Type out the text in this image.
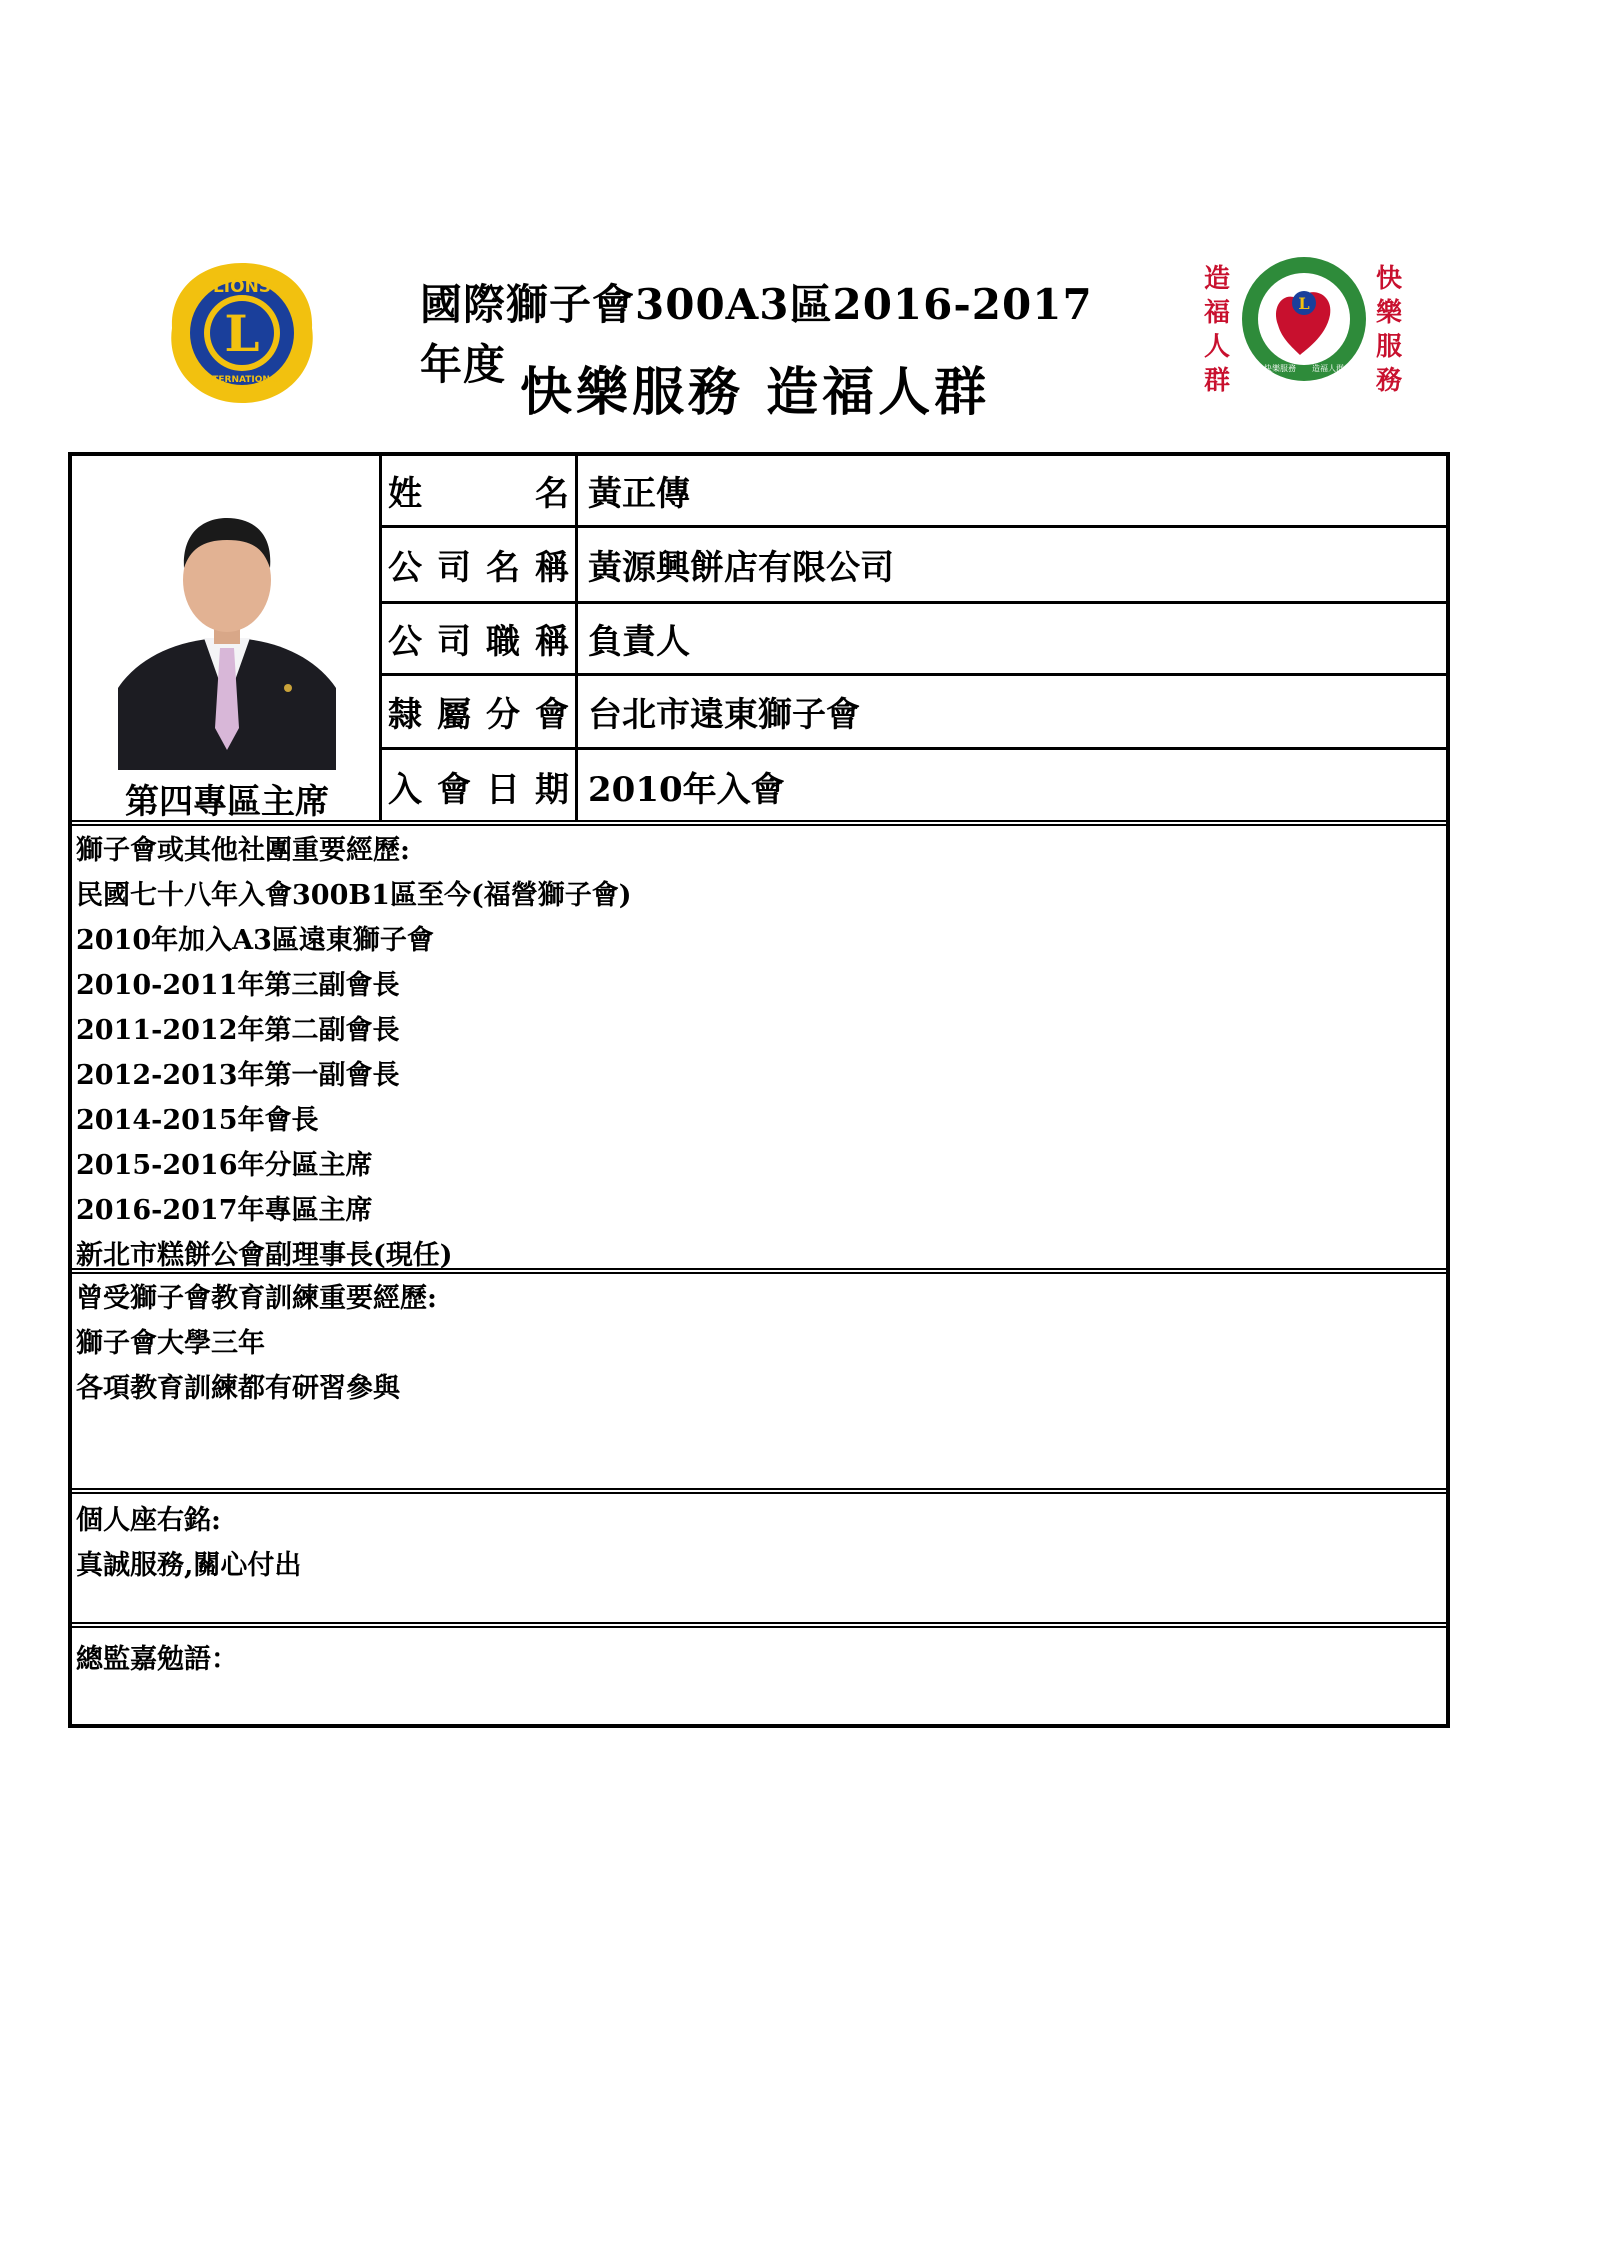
L
LIONS
INTERNATIONAL
國際獅子會300A3區2016-2017年度 快樂服務 造福人群
造
福
人
群
L
快樂服務 造福人群
快
樂
服
務
第四專區主席
姓	名 黃正傳
公 司 名 稱 黃源興餅店有限公司
公 司 職 稱 負責人
隸 屬 分 會 台北市遠東獅子會
入 會 日 期 2010年入會
獅子會或其他社團重要經歷:
民國七十八年入會300B1區至今(福營獅子會)
2010年加入A3區遠東獅子會
2010-2011年第三副會長
2011-2012年第二副會長
2012-2013年第一副會長
2014-2015年會長
2015-2016年分區主席
2016-2017年專區主席
新北市糕餅公會副理事長(現任)
曾受獅子會教育訓練重要經歷:
獅子會大學三年
各項教育訓練都有研習參與
個人座右銘:
真誠服務,關心付出
總監嘉勉語：
